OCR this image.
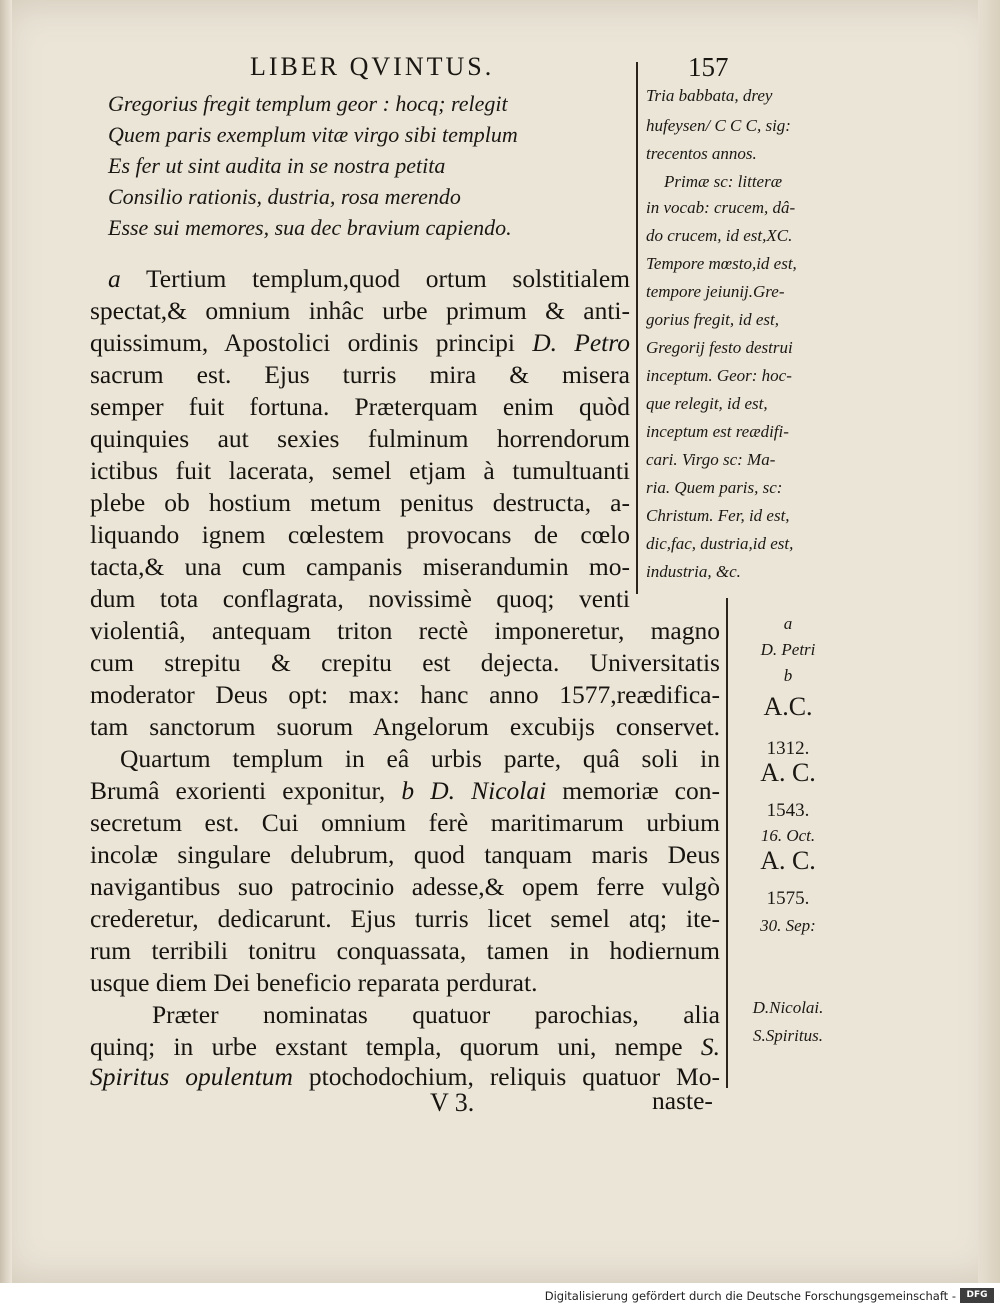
LIBER QVINTUS.	157
Gregorius fregit templum geor : hocq; relegit
Quem paris exemplum vitæ virgo sibi templum
Es fer ut sint audita in se nostra petita
Consilio rationis, dustria, rosa merendo
Esse sui memores, sua dec bravium capiendo.
a Tertium templum,quod ortum solstitialem
spectat,& omnium inhâc urbe primum & anti-
quissimum, Apostolici ordinis principi D. Petro
sacrum est. Ejus turris mira & misera
semper fuit fortuna. Præterquam enim quòd
quinquies aut sexies fulminum horrendorum
ictibus fuit lacerata, semel etjam à tumultuanti
plebe ob hostium metum penitus destructa, a-
liquando ignem cœlestem provocans de cœlo
tacta,& una cum campanis miserandumin mo-
dum tota conflagrata, novissimè quoq; venti
violentiâ, antequam triton rectè imponeretur, magno
cum strepitu & crepitu est dejecta. Universitatis
moderator Deus opt: max: hanc anno 1577,reædifica-
tam sanctorum suorum Angelorum excubijs conservet.
Quartum templum in eâ urbis parte, quâ soli in
Brumâ exorienti exponitur, b D. Nicolai memoriæ con-
secretum est. Cui omnium ferè maritimarum urbium
incolæ singulare delubrum, quod tanquam maris Deus
navigantibus suo patrocinio adesse,& opem ferre vulgò
crederetur, dedicarunt. Ejus turris licet semel atq; ite-
rum terribili tonitru conquassata, tamen in hodiernum
usque diem Dei beneficio reparata perdurat.
Præter nominatas quatuor parochias, alia
quinq; in urbe exstant templa, quorum uni, nempe S.
Spiritus opulentum ptochodochium, reliquis quatuor Mo-
Tria babbata, drey
hufeysen/ C C C, sig:
trecentos annos.
Primæ sc: litteræ
in vocab: crucem, dâ-
do crucem, id est,XC.
Tempore mœsto,id est,
tempore jeiunij.Gre-
gorius fregit, id est,
Gregorij festo destrui
inceptum. Geor: hoc-
que relegit, id est,
inceptum est reædifi-
cari. Virgo sc: Ma-
ria. Quem paris, sc:
Christum. Fer, id est,
dic,fac, dustria,id est,
industria, &c.
a
D. Petri
b
A.C.
1312.
A. C.
1543.
16. Oct.
A. C.
1575.
30. Sep:
D.Nicolai.
S.Spiritus.
V 3.	naste-
Digitalisierung gefördert durch die Deutsche Forschungsgemeinschaft -	DFG
